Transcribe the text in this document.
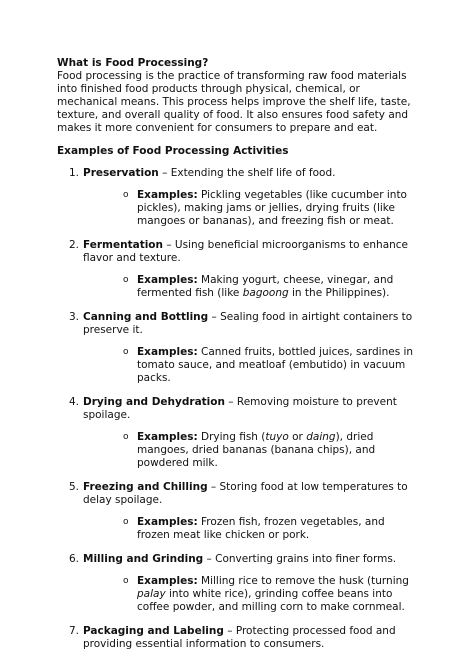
What is Food Processing?

Food processing is the practice of transforming raw food materials into finished food products through physical, chemical, or mechanical means. This process helps improve the shelf life, taste, texture, and overall quality of food. It also ensures food safety and makes it more convenient for consumers to prepare and eat.

Examples of Food Processing Activities
1. Preservation – Extending the shelf life of food.
o Examples: Pickling vegetables (like cucumber into pickles), making jams or jellies, drying fruits (like mangoes or bananas), and freezing fish or meat.
2. Fermentation – Using beneficial microorganisms to enhance flavor and texture.
o Examples: Making yogurt, cheese, vinegar, and fermented fish (like bagoong in the Philippines).
3. Canning and Bottling – Sealing food in airtight containers to preserve it.
o Examples: Canned fruits, bottled juices, sardines in tomato sauce, and meatloaf (embutido) in vacuum packs.
4. Drying and Dehydration – Removing moisture to prevent spoilage.
o Examples: Drying fish (tuyo or daing), dried mangoes, dried bananas (banana chips), and powdered milk.
5. Freezing and Chilling – Storing food at low temperatures to delay spoilage.
o Examples: Frozen fish, frozen vegetables, and frozen meat like chicken or pork.
6. Milling and Grinding – Converting grains into finer forms.
o Examples: Milling rice to remove the husk (turning palay into white rice), grinding coffee beans into coffee powder, and milling corn to make cornmeal.
7. Packaging and Labeling – Protecting processed food and providing essential information to consumers.
